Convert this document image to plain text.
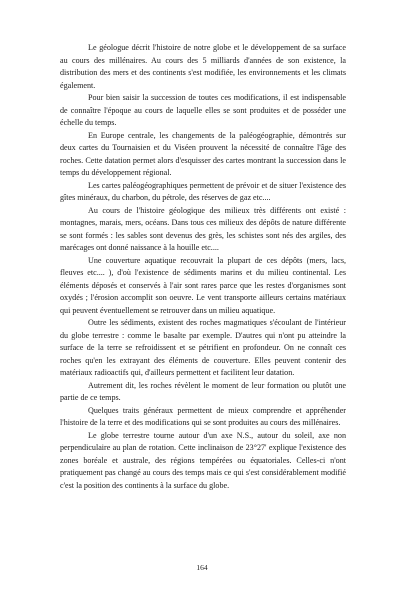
Le géologue décrit l'histoire de notre globe et le développement de sa surface au cours des millénaires. Au cours des 5 milliards d'années de son existence, la distribution des mers et des continents s'est modifiée, les environnements et les climats également.

Pour bien saisir la succession de toutes ces modifications, il est indispensable de connaître l'époque au cours de laquelle elles se sont produites et de posséder une échelle du temps.

En Europe centrale, les changements de la paléogéographie, démontrés sur deux cartes du Tournaisien et du Viséen prouvent la nécessité de connaître l'âge des roches. Cette datation permet alors d'esquisser des cartes montrant la succession dans le temps du développement régional.

Les cartes paléogéographiques permettent de prévoir et de situer l'existence des gîtes minéraux, du charbon, du pétrole, des réserves de gaz etc....

Au cours de l'histoire géologique des milieux très différents ont existé : montagnes, marais, mers, océans. Dans tous ces milieux des dépôts de nature différente se sont formés : les sables sont devenus des grès, les schistes sont nés des argiles, des marécages ont donné naissance à la houille etc....

Une couverture aquatique recouvrait la plupart de ces dépôts (mers, lacs, fleuves etc.... ), d'où l'existence de sédiments marins et du milieu continental. Les éléments déposés et conservés à l'air sont rares parce que les restes d'organismes sont oxydés ; l'érosion accomplit son oeuvre. Le vent transporte ailleurs certains matériaux qui peuvent éventuellement se retrouver dans un milieu aquatique.

Outre les sédiments, existent des roches magmatiques s'écoulant de l'intérieur du globe terrestre : comme le basalte par exemple. D'autres qui n'ont pu atteindre la surface de la terre se refroidissent et se pétrifient en profondeur. On ne connaît ces roches qu'en les extrayant des éléments de couverture. Elles peuvent contenir des matériaux radioactifs qui, d'ailleurs permettent et facilitent leur datation.

Autrement dit, les roches révèlent le moment de leur formation ou plutôt une partie de ce temps.

Quelques traits généraux permettent de mieux comprendre et appréhender l'histoire de la terre et des modifications qui se sont produites au cours des millénaires.

Le globe terrestre tourne autour d'un axe N.S., autour du soleil, axe non perpendiculaire au plan de rotation. Cette inclinaison de 23°27' explique l'existence des zones boréale et australe, des régions tempérées ou équatoriales. Celles-ci n'ont pratiquement pas changé au cours des temps mais ce qui s'est considérablement modifié c'est la position des continents à la surface du globe.

164
